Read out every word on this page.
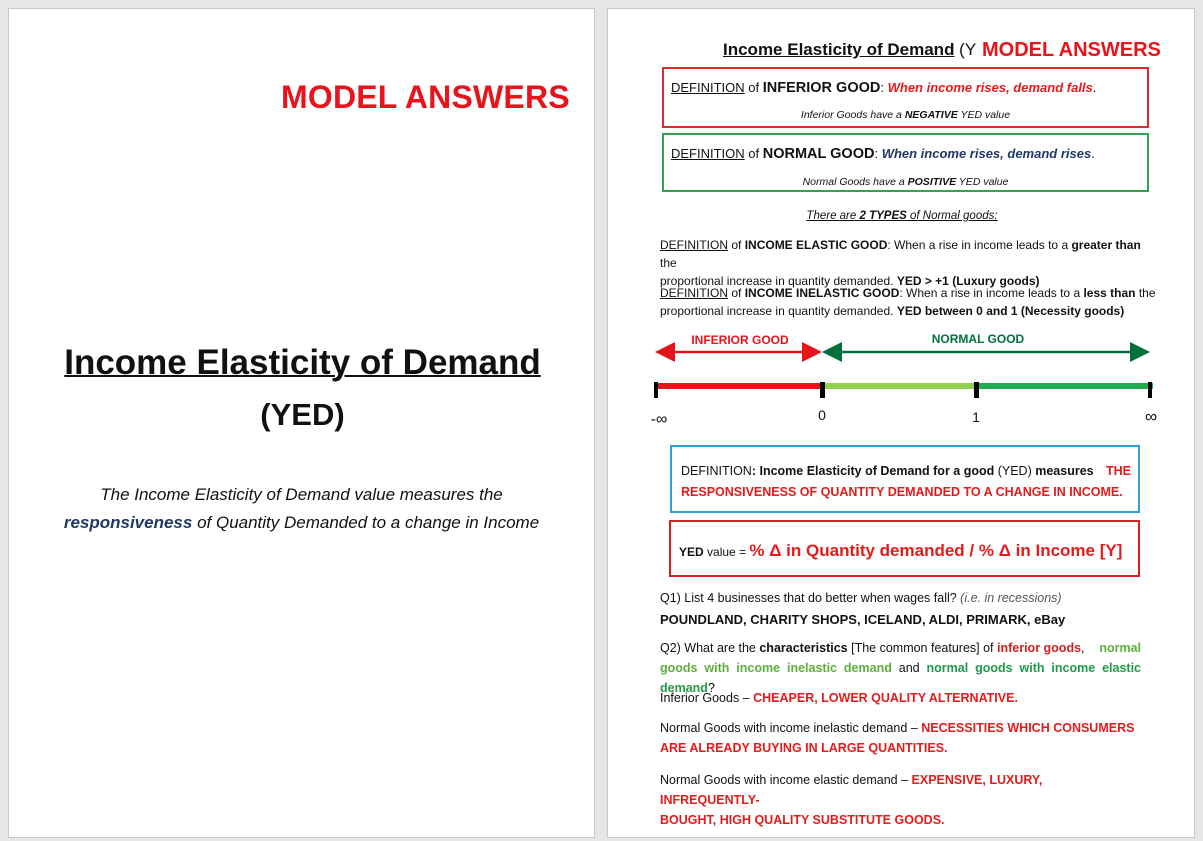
MODEL ANSWERS
Income Elasticity of Demand
(YED)
The Income Elasticity of Demand value measures the
responsiveness of Quantity Demanded to a change in Income
Income Elasticity of Demand (Y MODEL ANSWERS
DEFINITION of INFERIOR GOOD: When income rises, demand falls.
Inferior Goods have a NEGATIVE YED value
DEFINITION of NORMAL GOOD: When income rises, demand rises.
Normal Goods have a POSITIVE YED value
There are 2 TYPES of Normal goods:
DEFINITION of INCOME ELASTIC GOOD: When a rise in income leads to a greater than the
proportional increase in quantity demanded. YED > +1 (Luxury goods)
DEFINITION of INCOME INELASTIC GOOD: When a rise in income leads to a less than the
proportional increase in quantity demanded. YED between 0 and 1 (Necessity goods)
INFERIOR GOOD	NORMAL GOOD
-∞	0	1	∞
DEFINITION: Income Elasticity of Demand for a good (YED) measures THE

RESPONSIVENESS OF QUANTITY DEMANDED TO A CHANGE IN INCOME.
YED value = % Δ in Quantity demanded / % Δ in Income [Y]
Q1) List 4 businesses that do better when wages fall? (i.e. in recessions)
POUNDLAND, CHARITY SHOPS, ICELAND, ALDI, PRIMARK, eBay
Q2) What are the characteristics [The common features] of inferior goods, normal

goods with income inelastic demand and normal goods with income elastic demand?
Inferior Goods – CHEAPER, LOWER QUALITY ALTERNATIVE.
Normal Goods with income inelastic demand – NECESSITIES WHICH CONSUMERS
ARE ALREADY BUYING IN LARGE QUANTITIES.
Normal Goods with income elastic demand – EXPENSIVE, LUXURY, INFREQUENTLY-
BOUGHT, HIGH QUALITY SUBSTITUTE GOODS.
